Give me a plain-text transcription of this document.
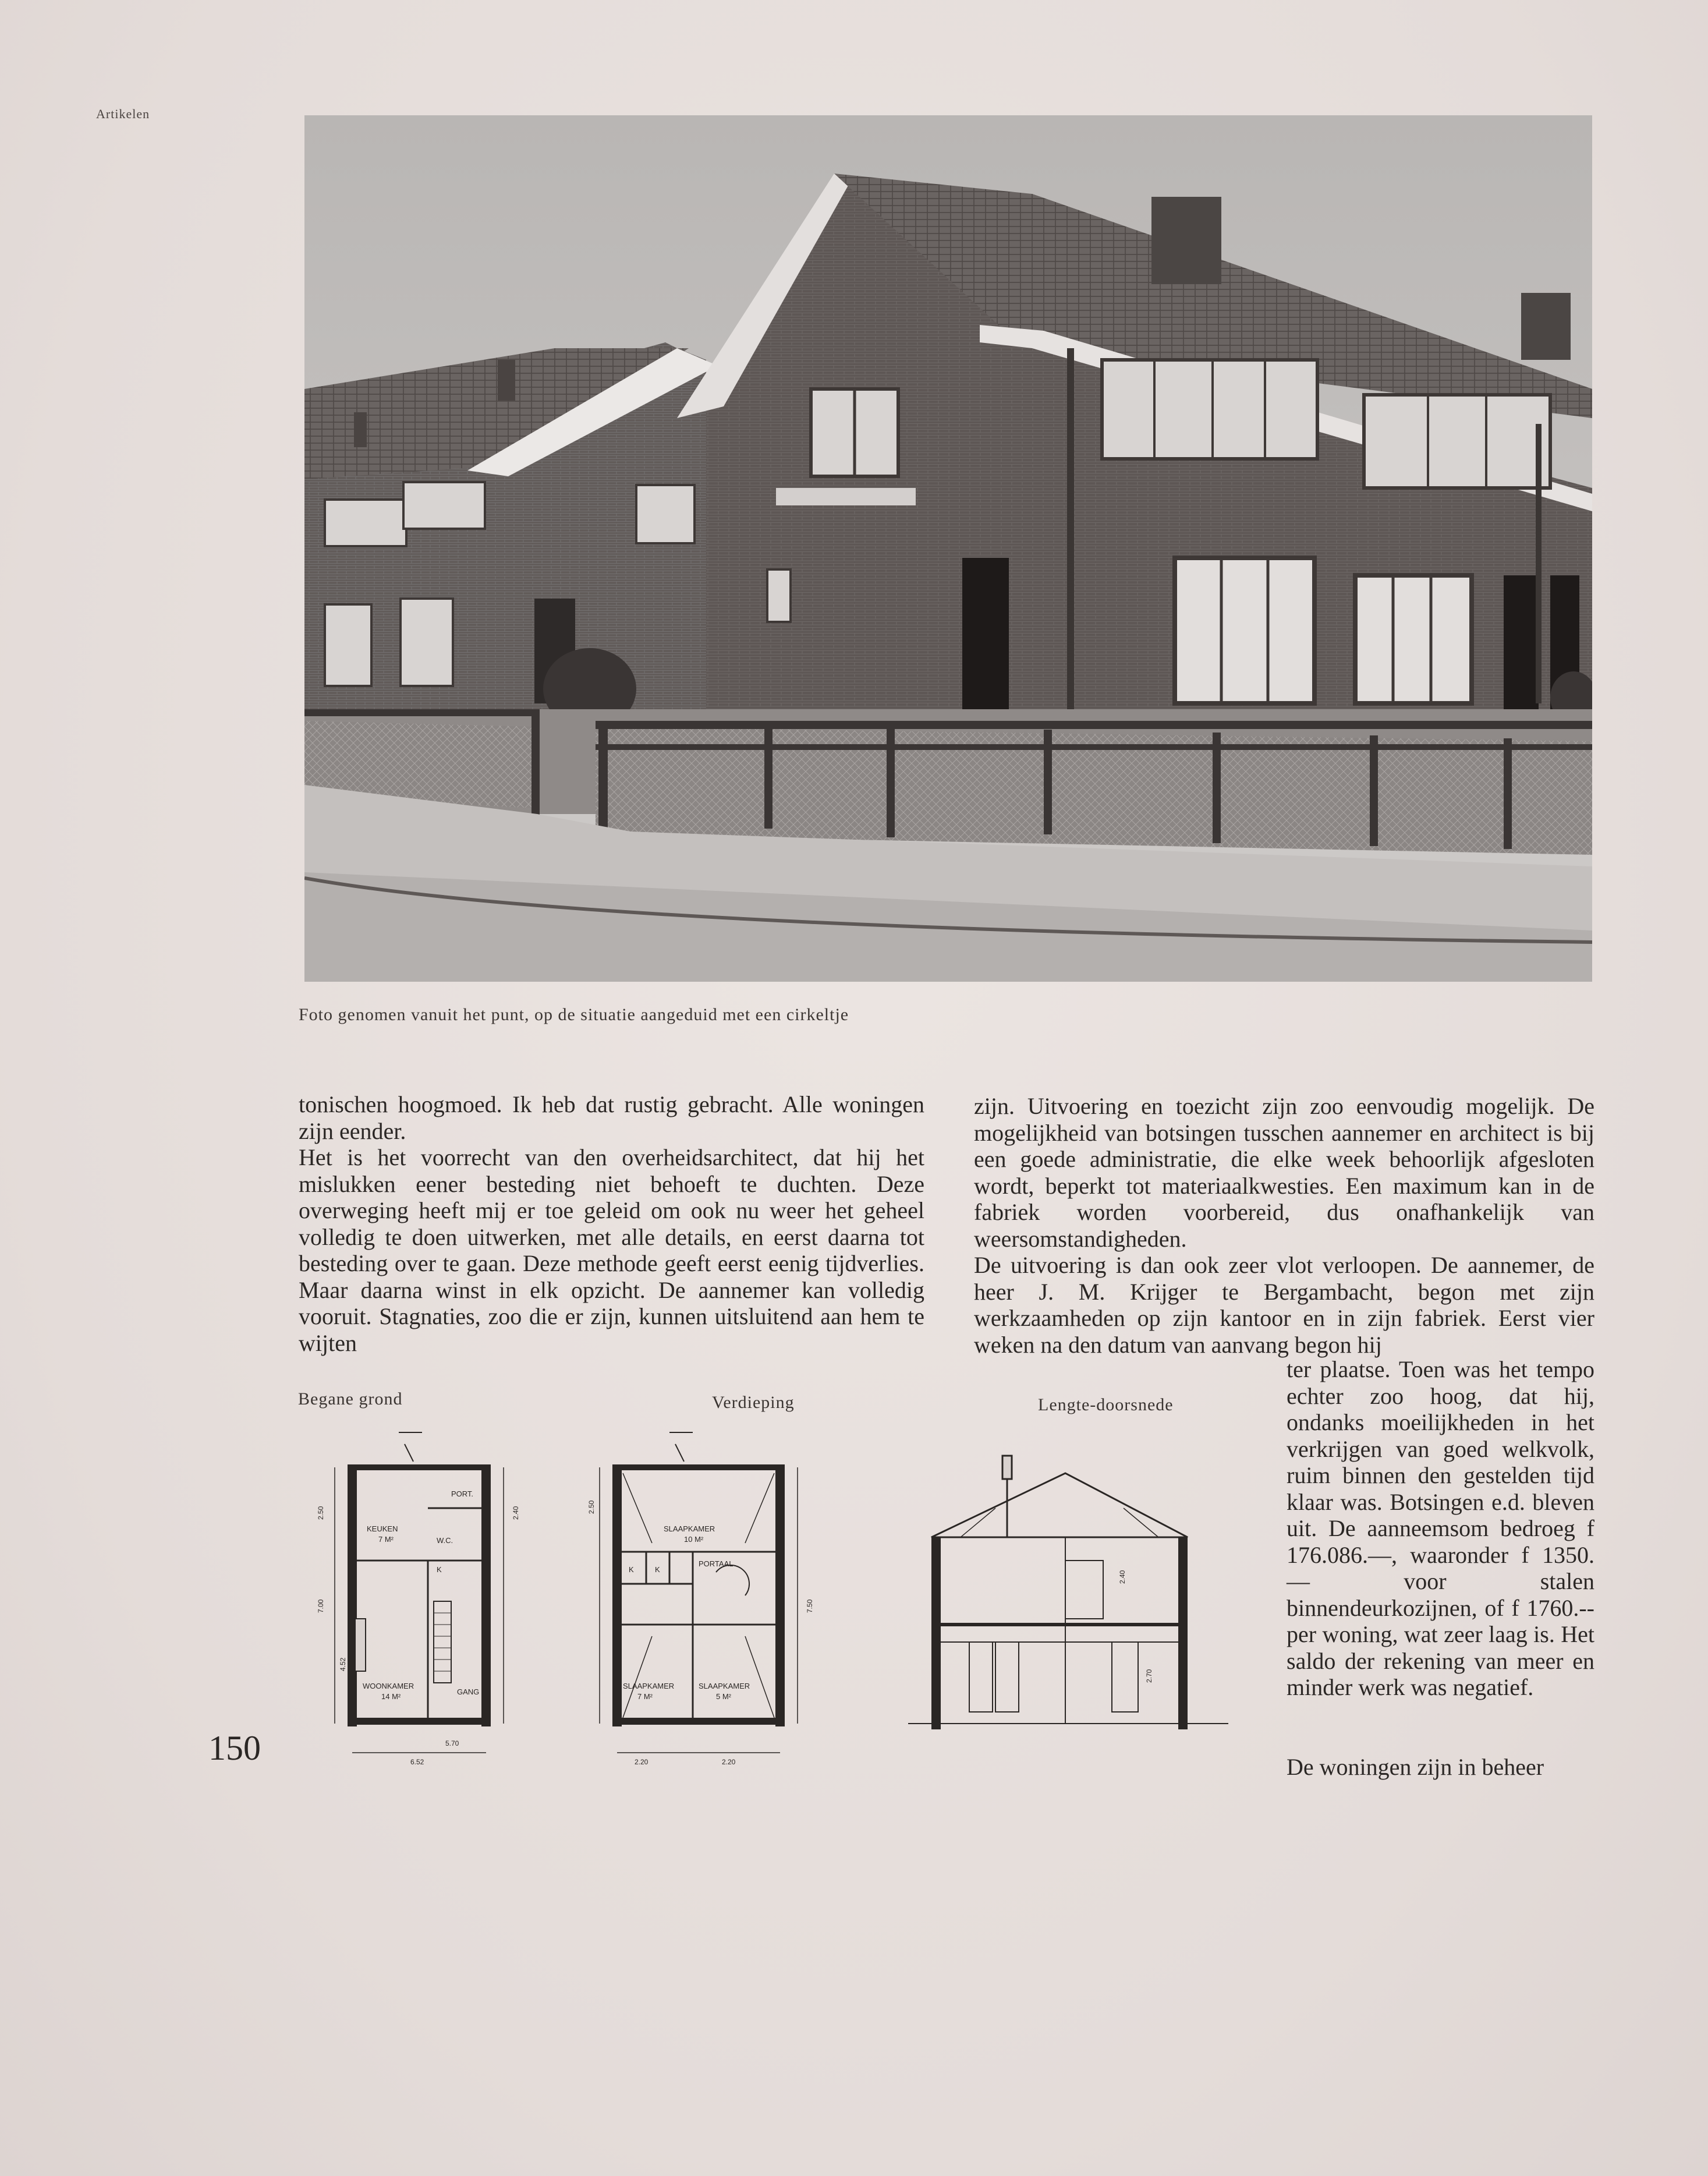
Artikelen
Foto genomen vanuit het punt, op de situatie aangeduid met een cirkeltje

tonischen hoogmoed. Ik heb dat rustig gebracht. Alle woningen zijn eender.

Het is het voorrecht van den overheidsarchitect, dat hij het mislukken eener besteding niet behoeft te duchten. Deze overweging heeft mij er toe geleid om ook nu weer het geheel volledig te doen uitwerken, met alle details, en eerst daarna tot besteding over te gaan. Deze methode geeft eerst eenig tijdverlies. Maar daarna winst in elk opzicht. De aannemer kan volledig vooruit. Stagnaties, zoo die er zijn, kunnen uitsluitend aan hem te wijten

zijn. Uitvoering en toezicht zijn zoo eenvoudig mogelijk. De mogelijkheid van botsingen tusschen aannemer en architect is bij een goede administratie, die elke week behoorlijk afgesloten wordt, beperkt tot materiaalkwesties. Een maximum kan in de fabriek worden voorbereid, dus onafhankelijk van weersomstandigheden.

De uitvoering is dan ook zeer vlot verloopen. De aannemer, de heer J. M. Krijger te Bergambacht, begon met zijn werkzaamheden op zijn kantoor en in zijn fabriek. Eerst vier weken na den datum van aanvang begon hij

ter plaatse. Toen was het tempo echter zoo hoog, dat hij, ondanks moeilijkheden in het verkrijgen van goed welkvolk, ruim binnen den gestelden tijd klaar was. Botsingen e.d. bleven uit. De aanneemsom bedroeg f 176.086.—, waaronder f 1350.— voor stalen binnendeurkozijnen, of f 1760.-- per woning, wat zeer laag is. Het saldo der rekening van meer en minder werk was negatief.

De woningen zijn in beheer

Begane grond	Verdieping	Lengte-doorsnede
KEUKEN
7 M²	W.C.
PORT.
K
WOONKAMER
14 M²
GANG
2.50
7.00
4.52
2.40
6.52
5.70
SLAAPKAMER
10 M²
K	K
PORTAAL
SLAAPKAMER
7 M²
SLAAPKAMER
5 M²
2.50
7.50
2.20	2.20
2.40
2.70
150
